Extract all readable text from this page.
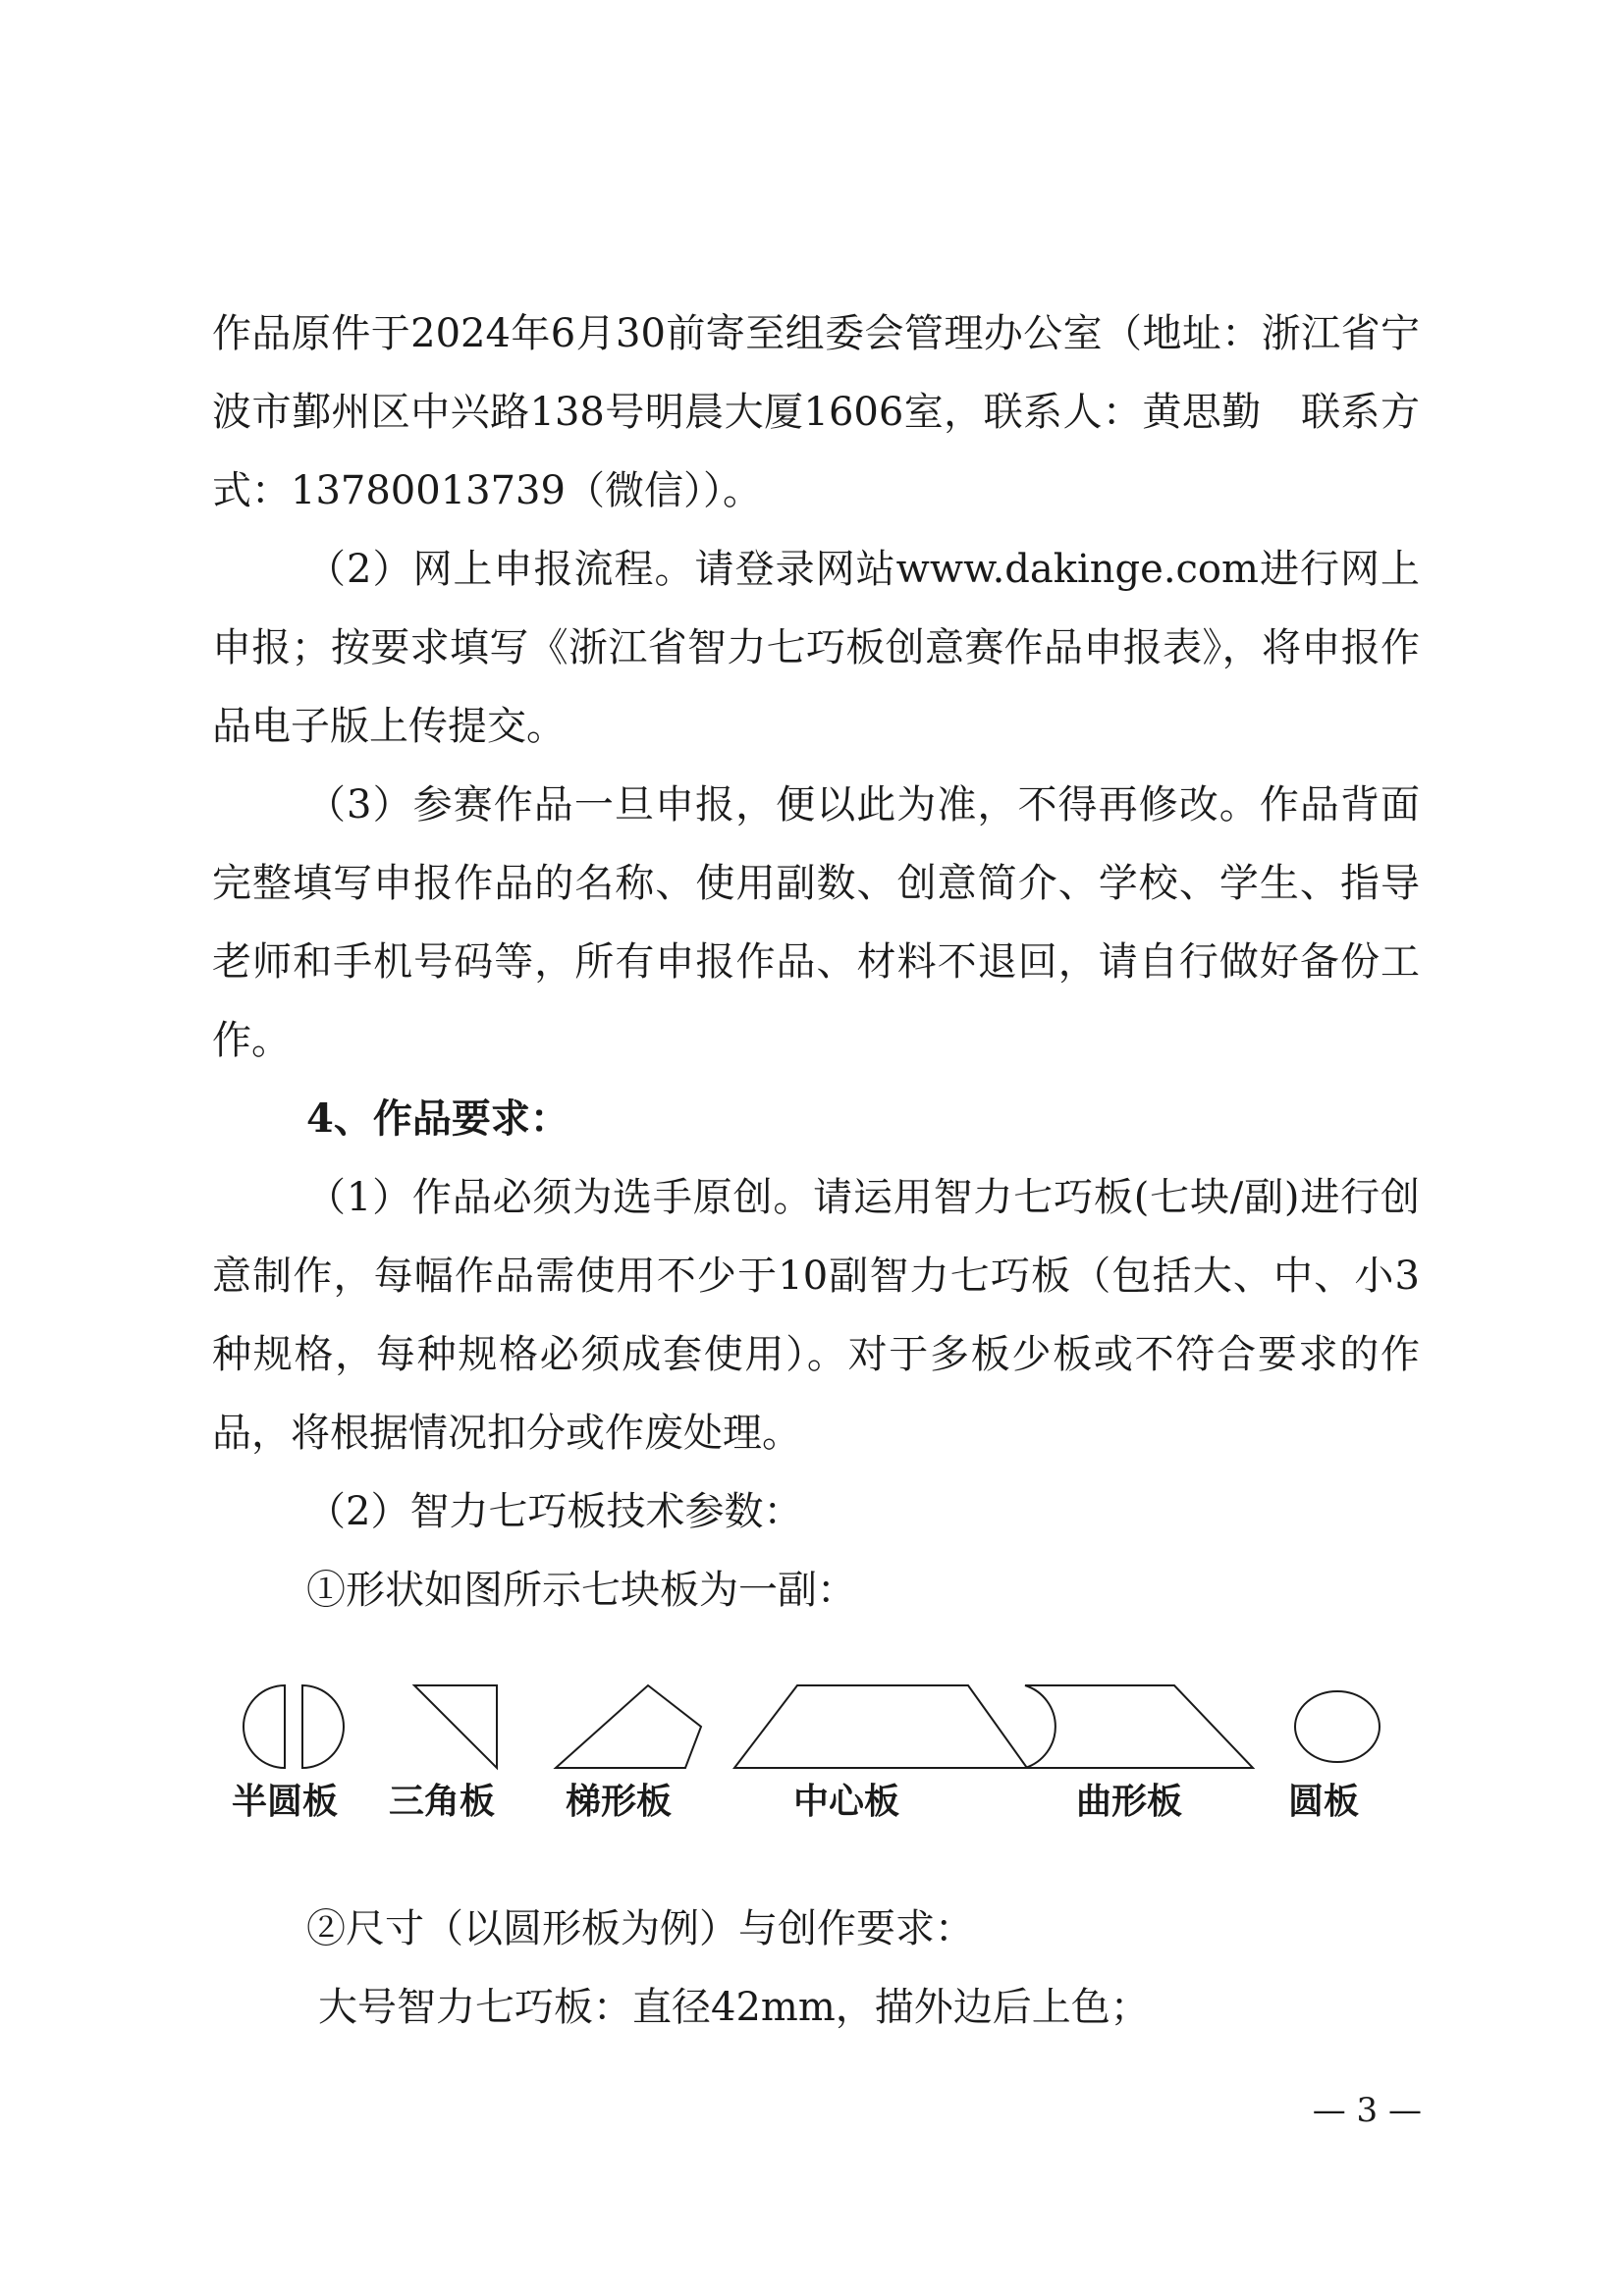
作品原件于2024年6月30前寄至组委会管理办公室（地址：浙江省宁波市鄞州区中兴路138号明晨大厦1606室，联系人：黄思勤　联系方式：13780013739（微信））。

（2）网上申报流程。请登录网站www.dakinge.com进行网上申报；按要求填写《浙江省智力七巧板创意赛作品申报表》，将申报作品电子版上传提交。

（3）参赛作品一旦申报，便以此为准，不得再修改。作品背面完整填写申报作品的名称、使用副数、创意简介、学校、学生、指导老师和手机号码等，所有申报作品、材料不退回，请自行做好备份工作。

4、作品要求：

（1）作品必须为选手原创。请运用智力七巧板(七块/副)进行创意制作，每幅作品需使用不少于10副智力七巧板（包括大、中、小3种规格，每种规格必须成套使用）。对于多板少板或不符合要求的作品，将根据情况扣分或作废处理。

（2）智力七巧板技术参数：

①形状如图所示七块板为一副：

半圆板 三角板 梯形板	中心板	曲形板	圆板

②尺寸（以圆形板为例）与创作要求：

大号智力七巧板：直径42mm，描外边后上色；

— 3 —
